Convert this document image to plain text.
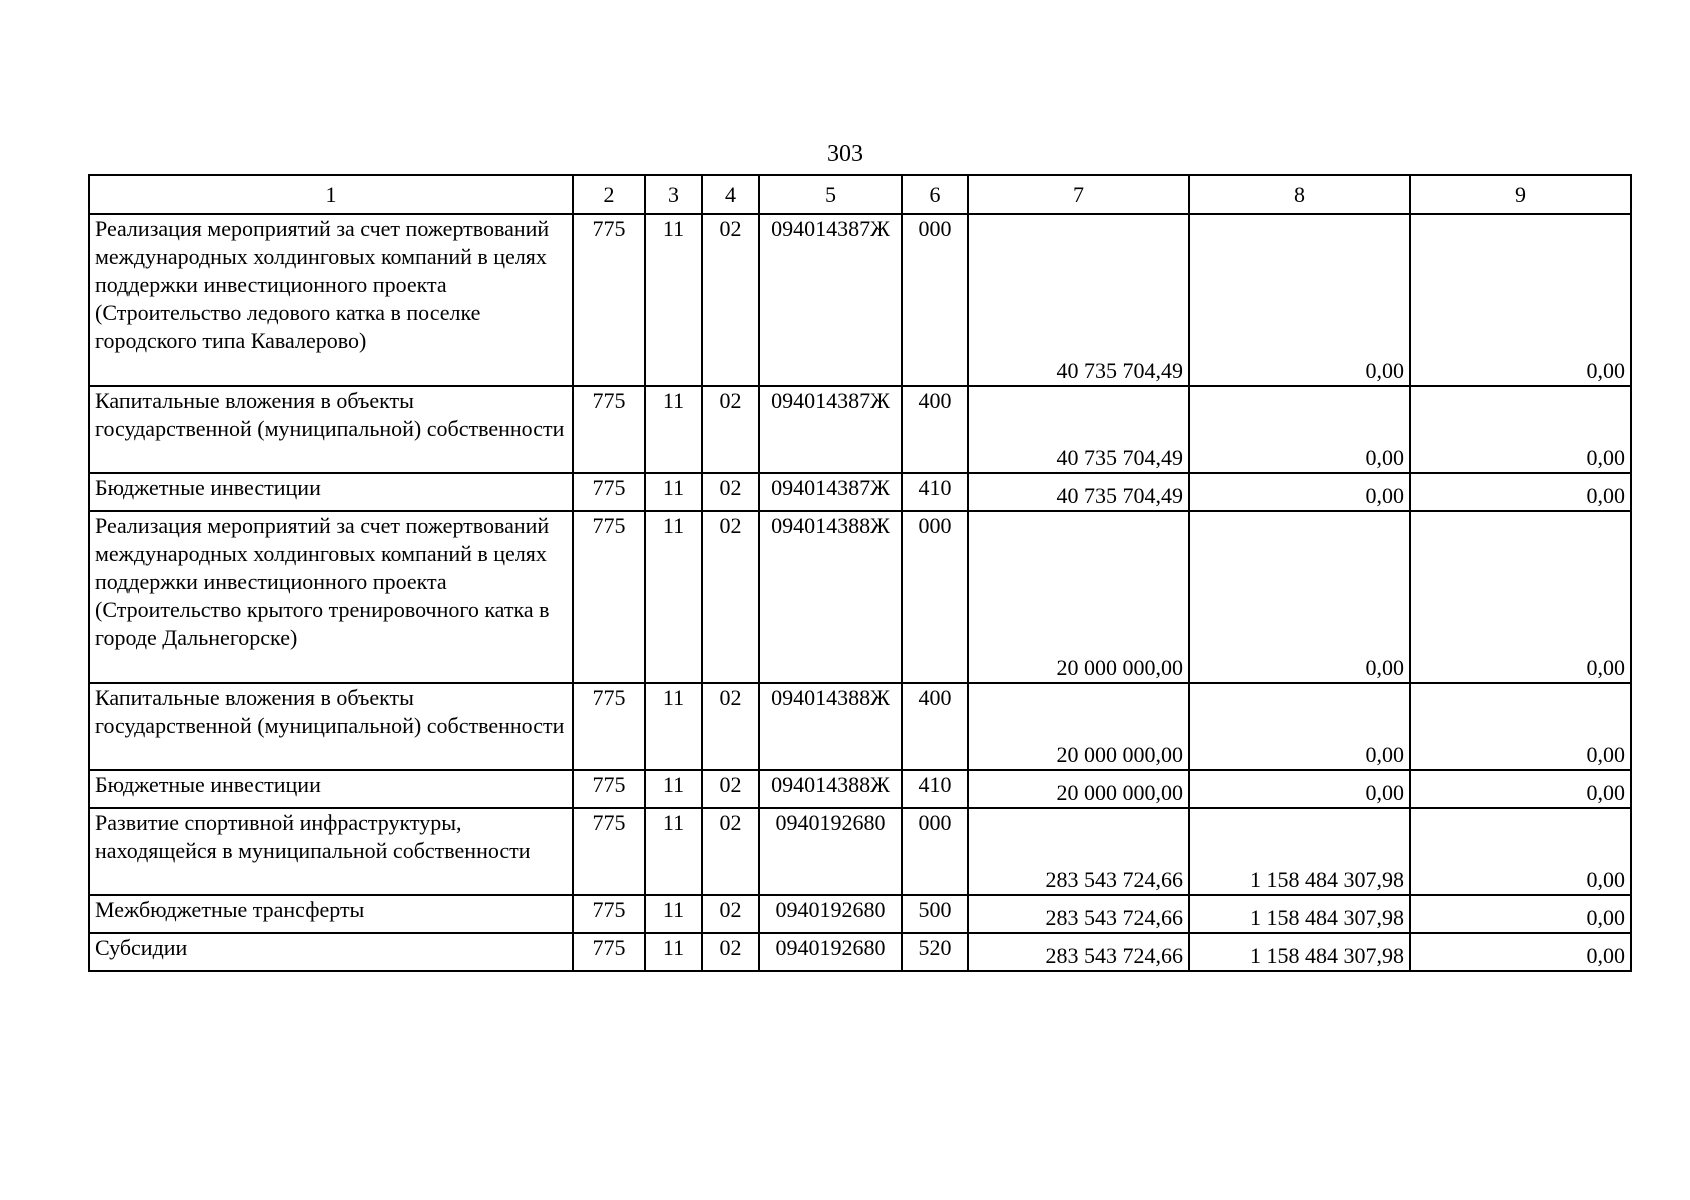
303
1	2	3	4	5	6	7	8	9
Реализация мероприятий за счет пожертвований международных холдинговых компаний в целях поддержки инвестиционного проекта (Строительство ледового катка в поселке городского типа Кавалерово)	775	11	02	094014387Ж	000	40 735 704,49	0,00	0,00
Капитальные вложения в объекты государственной (муниципальной) собственности	775	11	02	094014387Ж	400	40 735 704,49	0,00	0,00
Бюджетные инвестиции	775	11	02	094014387Ж	410	40 735 704,49	0,00	0,00
Реализация мероприятий за счет пожертвований международных холдинговых компаний в целях поддержки инвестиционного проекта (Строительство крытого тренировочного катка в городе Дальнегорске)	775	11	02	094014388Ж	000	20 000 000,00	0,00	0,00
Капитальные вложения в объекты государственной (муниципальной) собственности	775	11	02	094014388Ж	400	20 000 000,00	0,00	0,00
Бюджетные инвестиции	775	11	02	094014388Ж	410	20 000 000,00	0,00	0,00
Развитие спортивной инфраструктуры, находящейся в муниципальной собственности	775	11	02	0940192680	000	283 543 724,66	1 158 484 307,98	0,00
Межбюджетные трансферты	775	11	02	0940192680	500	283 543 724,66	1 158 484 307,98	0,00
Субсидии	775	11	02	0940192680	520	283 543 724,66	1 158 484 307,98	0,00
